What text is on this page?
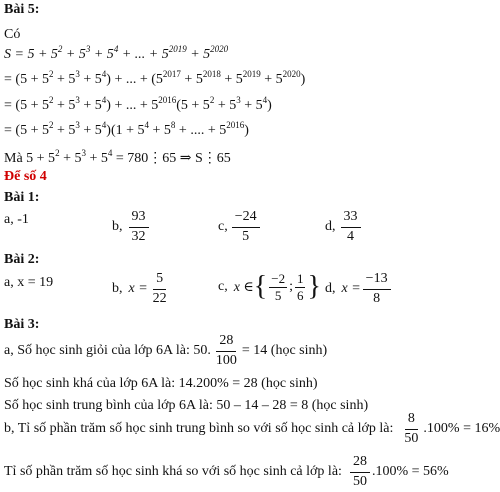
Bài 5:
Có
$S = 5 + 5^2 + 5^3 + 5^4$ + ... + $5^{2019} + 5^{2020}$
= $(5 + 5^2 + 5^3 + 5^4)$ + ... + $(5^{2017} + 5^{2018} + 5^{2019} + 5^{2020})$
= $(5 + 5^2 + 5^3 + 5^4)$ + ... + $5^{2016}(5 + 5^2 + 5^3 + 5^4)$
= $(5 + 5^2 + 5^3 + 5^4)(1 + 5^4 + 5^8$ + .... + $5^{2016}$)
Mà $5 + 5^2 + 5^3 + 5^4$ = 780⋮65 ⇒ S⋮65
Để số 4
Bài 1:
a, -1	b, $\frac{93}{32}$	c, $\frac{-24}{5}$	d, $\frac{33}{4}$
Bài 2:
a, x = 19	b, $x = \frac{5}{22}$	c, x ∈ { $\frac{-2}{5}$ ; $\frac{1}{6}$ } d, $x = \frac{-13}{8}$
Bài 3:
a, Số học sinh giỏi của lớp 6A là: 50. $\frac{28}{100} = 14$ (học sinh)
Số học sinh khá của lớp 6A là: 14.200% = 28 (học sinh)
Số học sinh trung bình của lớp 6A là: 50 – 14 – 28 = 8 (học sinh)
b, Tỉ số phần trăm số học sinh trung bình so với số học sinh cả lớp là: $\frac{8}{50} .100\% = 16\%$
Tỉ số phần trăm số học sinh khá so với số học sinh cả lớp là: $\frac{28}{50} .100\% = 56\%$
